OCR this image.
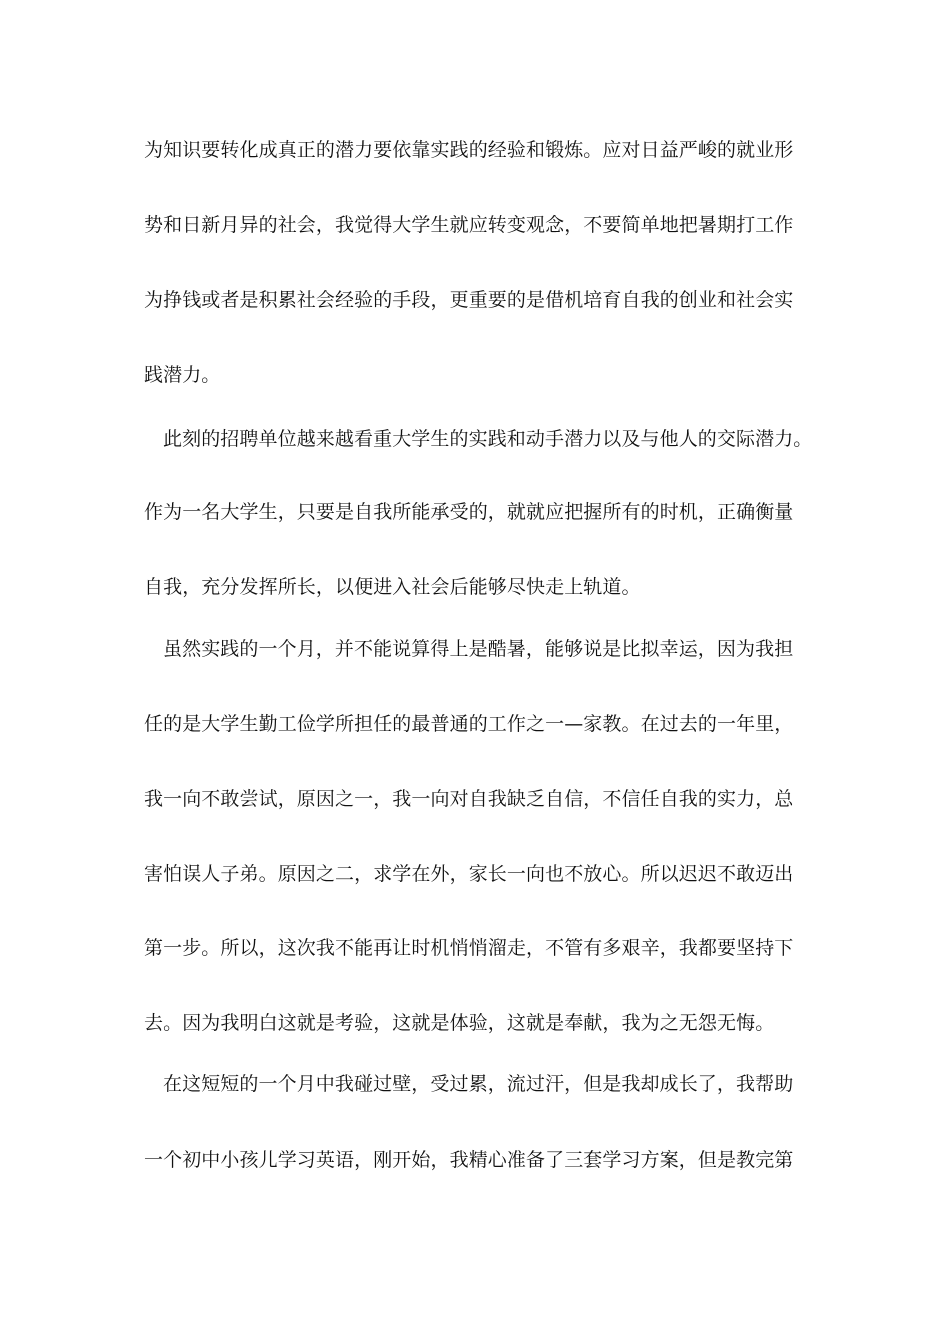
为知识要转化成真正的潜力要依靠实践的经验和锻炼。应对日益严峻的就业形
势和日新月异的社会，我觉得大学生就应转变观念，不要简单地把暑期打工作
为挣钱或者是积累社会经验的手段，更重要的是借机培育自我的创业和社会实
践潜力。
此刻的招聘单位越来越看重大学生的实践和动手潜力以及与他人的交际潜力。
作为一名大学生，只要是自我所能承受的，就就应把握所有的时机，正确衡量
自我，充分发挥所长，以便进入社会后能够尽快走上轨道。
虽然实践的一个月，并不能说算得上是酷暑，能够说是比拟幸运，因为我担
任的是大学生勤工俭学所担任的最普通的工作之一—家教。在过去的一年里，
我一向不敢尝试，原因之一，我一向对自我缺乏自信，不信任自我的实力，总
害怕误人子弟。原因之二，求学在外，家长一向也不放心。所以迟迟不敢迈出
第一步。所以，这次我不能再让时机悄悄溜走，不管有多艰辛，我都要坚持下
去。因为我明白这就是考验，这就是体验，这就是奉献，我为之无怨无悔。
在这短短的一个月中我碰过壁，受过累，流过汗，但是我却成长了，我帮助
一个初中小孩儿学习英语，刚开始，我精心准备了三套学习方案，但是教完第
